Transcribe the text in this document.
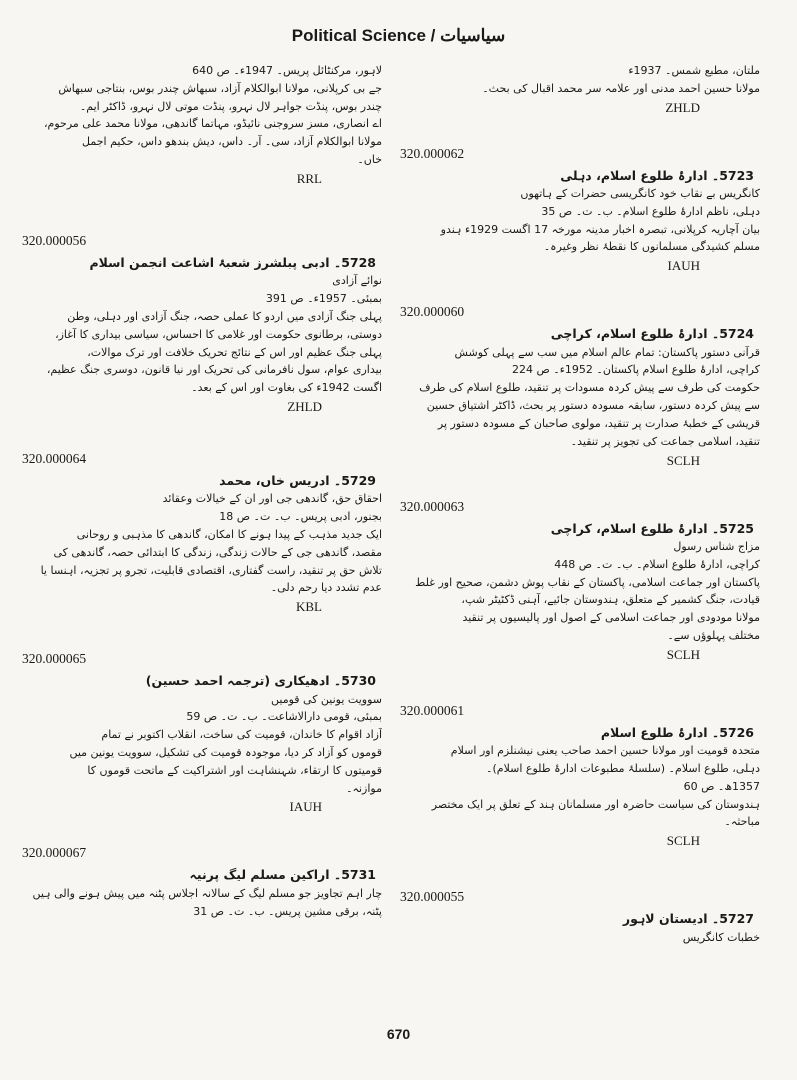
Political Science / سیاسیات
لاہور، مرکنٹائل پریس۔ 1947ء۔ ص 640
جے بی کرپلانی، مولانا ابوالکلام آزاد، سبھاش چندر بوس، بنتاجی سبھاش
چندر بوس، پنڈت جواہر لال نہرو، پنڈت موتی لال نہرو، ڈاکٹر ایم۔
اے انصاری، مسز سروجنی نائیڈو، مہاتما گاندھی، مولانا محمد علی مرحوم،
مولانا ابوالکلام آزاد، سی۔ آر۔ داس، دیش بندھو داس، حکیم اجمل
خاں۔
RRL
320.000056
5728۔ ادبی پبلشرز شعبۂ اشاعت انجمن اسلام
نوائے آزادی
بمبئی۔ 1957ء۔ ص 391
پہلی جنگ آزادی میں اردو کا عملی حصہ، جنگ آزادی اور دہلی، وطن
دوستی، برطانوی حکومت اور غلامی کا احساس، سیاسی بیداری کا آغاز،
پہلی جنگ عظیم اور اس کے نتائج تحریک خلافت اور ترک موالات،
بیداری عوام، سول نافرمانی کی تحریک اور نیا قانون، دوسری جنگ عظیم،
اگست 1942ء کی بغاوت اور اس کے بعد۔
ZHLD
320.000064
5729۔ ادریس خاں، محمد
احقاق حق، گاندھی جی اور ان کے خیالات وعقائد
بجنور، ادبی پریس۔ ب۔ ت۔ ص 18
ایک جدید مذہب کے پیدا ہونے کا امکان، گاندھی کا مذہبی و روحانی
مقصد، گاندھی جی کے حالات زندگی، زندگی کا ابتدائی حصہ، گاندھی کی
تلاش حق پر تنقید، راست گفتاری، اقتصادی قابلیت، تجرو پر تجزیہ، اہنسا یا
عدم تشدد دیا رحم دلی۔
KBL
320.000065
5730۔ ادھیکاری (ترجمہ احمد حسین)
سوویت یونین کی قومیں
بمبئی، قومی دارالاشاعت۔ ب۔ ت۔ ص 59
آزاد اقوام کا خاندان، قومیت کی ساخت، انقلاب اکتوبر نے تمام
قوموں کو آزاد کر دیا، موجودہ قومیت کی تشکیل، سوویت یونین میں
قومیتوں کا ارتقاء، شہنشاہت اور اشتراکیت کے ماتحت قوموں کا
موازنہ۔
IAUH
320.000067
5731۔ اراکین مسلم لیگ پرنیہ
چار اہم تجاویز جو مسلم لیگ کے سالانہ اجلاس پٹنہ میں پیش ہونے والی ہیں
پٹنہ، برقی مشین پریس۔ ب۔ ت۔ ص 31
ملتان، مطبع شمس۔ 1937ء
مولانا حسین احمد مدنی اور علامہ سر محمد اقبال کی بحث۔
ZHLD
320.000062
5723۔ ادارۂ طلوع اسلام، دہلی
کانگریس بے نقاب خود کانگریسی حضرات کے ہاتھوں
دہلی، ناظم ادارۂ طلوع اسلام۔ ب۔ ت۔ ص 35
بیان آچاریہ کرپلانی، تبصرہ اخبار مدینہ مورخہ 17 اگست 1929ء ہندو
مسلم کشیدگی مسلمانوں کا نقطۂ نظر وغیرہ۔
IAUH
320.000060
5724۔ ادارۂ طلوع اسلام، کراچی
قرآنی دستور پاکستان: تمام عالم اسلام میں سب سے پہلی کوشش
کراچی، ادارۂ طلوع اسلام پاکستان۔ 1952ء۔ ص 224
حکومت کی طرف سے پیش کردہ مسودات پر تنقید، طلوع اسلام کی طرف
سے پیش کردہ دستور، سابقہ مسودہ دستور پر بحث، ڈاکٹر اشتیاق حسین
قریشی کے خطبۂ صدارت پر تنقید، مولوی صاحبان کے مسودہ دستور پر
تنقید، اسلامی جماعت کی تجویز پر تنقید۔
SCLH
320.000063
5725۔ ادارۂ طلوع اسلام، کراچی
مزاج شناس رسول
کراچی، ادارۂ طلوع اسلام۔ ب۔ ت۔ ص 448
پاکستان اور جماعت اسلامی، پاکستان کے نقاب پوش دشمن، صحیح اور غلط
قیادت، جنگ کشمیر کے متعلق، ہندوستان جائیے، آہنی ڈکٹیٹر شپ،
مولانا مودودی اور جماعت اسلامی کے اصول اور پالیسیوں پر تنقید
مختلف پہلوؤں سے۔
SCLH
320.000061
5726۔ ادارۂ طلوع اسلام
متحدہ قومیت اور مولانا حسین احمد صاحب یعنی نیشنلزم اور اسلام
دہلی، طلوع اسلام۔ (سلسلۂ مطبوعات ادارۂ طلوع اسلام)۔
1357ھ۔ ص 60
ہندوستان کی سیاست حاضرہ اور مسلمانان ہند کے تعلق پر ایک مختصر
مباحثہ۔
SCLH
320.000055
5727۔ ادیستان لاہور
خطبات کانگریس
670
